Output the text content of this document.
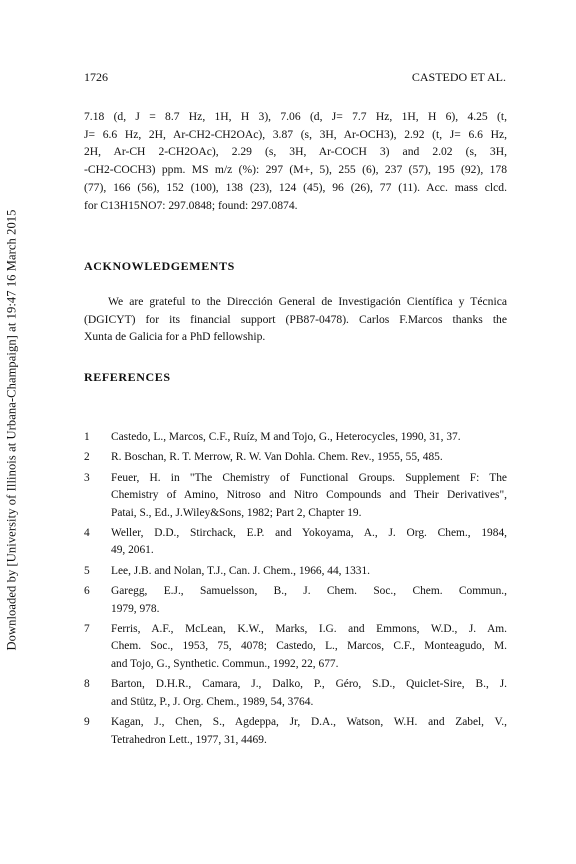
Downloaded by [University of Illinois at Urbana-Champaign] at 19:47 16 March 2015
1726	CASTEDO ET AL.
7.18 (d, J = 8.7 Hz, 1H, H 3), 7.06 (d, J= 7.7 Hz, 1H, H 6), 4.25 (t,
J= 6.6 Hz, 2H, Ar-CH2-CH2OAc), 3.87 (s, 3H, Ar-OCH3), 2.92 (t, J= 6.6 Hz,
2H, Ar-CH 2-CH2OAc), 2.29 (s, 3H, Ar-COCH 3) and 2.02 (s, 3H,
-CH2-COCH3) ppm. MS m/z (%): 297 (M+, 5), 255 (6), 237 (57), 195 (92), 178
(77), 166 (56), 152 (100), 138 (23), 124 (45), 96 (26), 77 (11). Acc. mass clcd.
for C13H15NO7: 297.0848; found: 297.0874.
ACKNOWLEDGEMENTS
We are grateful to the Dirección General de Investigación Científica y Técnica
(DGICYT) for its financial support (PB87-0478). Carlos F.Marcos thanks the
Xunta de Galicia for a PhD fellowship.
REFERENCES
1	Castedo, L., Marcos, C.F., Ruíz, M and Tojo, G., Heterocycles, 1990, 31, 37.
2	R. Boschan, R. T. Merrow, R. W. Van Dohla. Chem. Rev., 1955, 55, 485.
3	Feuer, H. in "The Chemistry of Functional Groups. Supplement F: The
Chemistry of Amino, Nitroso and Nitro Compounds and Their Derivatives",
Patai, S., Ed., J.Wiley&Sons, 1982; Part 2, Chapter 19.
4	Weller, D.D., Stirchack, E.P. and Yokoyama, A., J. Org. Chem., 1984,
49, 2061.
5	Lee, J.B. and Nolan, T.J., Can. J. Chem., 1966, 44, 1331.
6	Garegg, E.J., Samuelsson, B., J. Chem. Soc., Chem. Commun.,
1979, 978.
7	Ferris, A.F., McLean, K.W., Marks, I.G. and Emmons, W.D., J. Am.
Chem. Soc., 1953, 75, 4078; Castedo, L., Marcos, C.F., Monteagudo, M.
and Tojo, G., Synthetic. Commun., 1992, 22, 677.
8	Barton, D.H.R., Camara, J., Dalko, P., Géro, S.D., Quiclet-Sire, B., J.
and Stütz, P., J. Org. Chem., 1989, 54, 3764.
9	Kagan, J., Chen, S., Agdeppa, Jr, D.A., Watson, W.H. and Zabel, V.,
Tetrahedron Lett., 1977, 31, 4469.
